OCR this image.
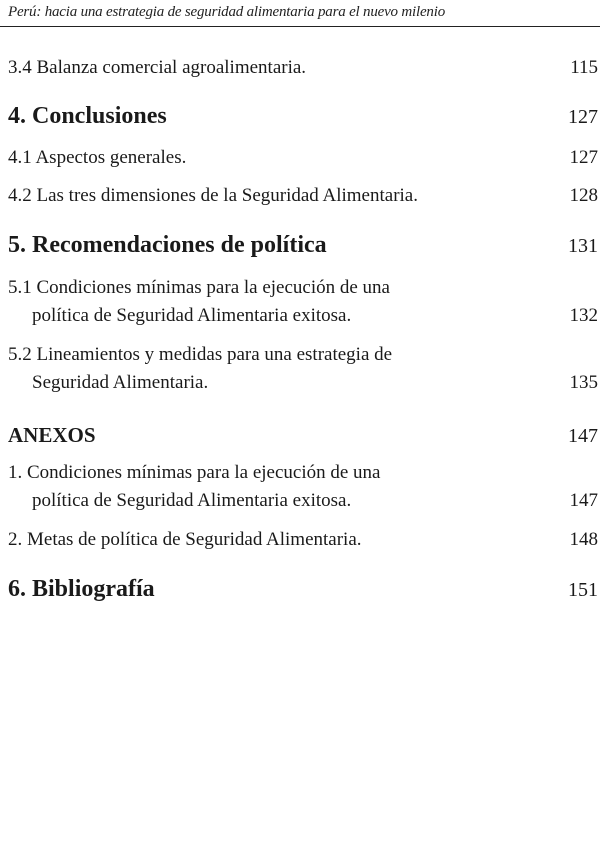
Perú: hacia una estrategia de seguridad alimentaria para el nuevo milenio
3.4 Balanza comercial agroalimentaria.	115
4. Conclusiones	127
4.1 Aspectos generales.	127
4.2 Las tres dimensiones de la Seguridad Alimentaria.	128
5. Recomendaciones de política	131
5.1 Condiciones mínimas para la ejecución de una
política de Seguridad Alimentaria exitosa.	132
5.2 Lineamientos y medidas para una estrategia de
Seguridad Alimentaria.	135
ANEXOS	147
1. Condiciones mínimas para la ejecución de una
política de Seguridad Alimentaria exitosa.	147
2. Metas de política de Seguridad Alimentaria.	148
6. Bibliografía	151
